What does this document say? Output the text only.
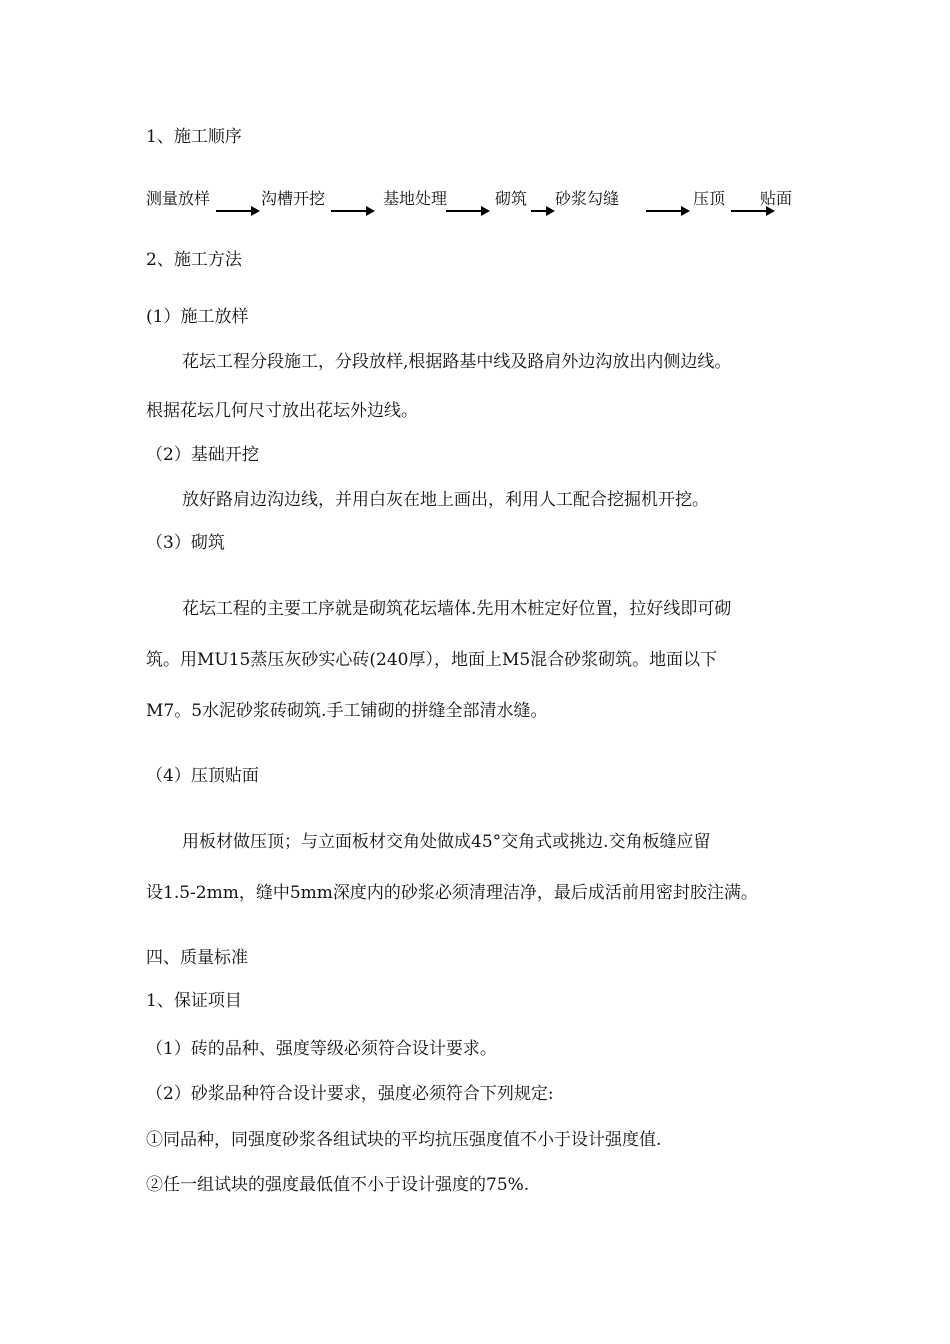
1、施工顺序
测量放样	沟槽开挖	基地处理	砌筑 砂浆勾缝	压顶 贴面
2、施工方法
(1）施工放样
花坛工程分段施工，分段放样,根据路基中线及路肩外边沟放出内侧边线。
根据花坛几何尺寸放出花坛外边线。
（2）基础开挖
放好路肩边沟边线，并用白灰在地上画出，利用人工配合挖掘机开挖。
（3）砌筑
花坛工程的主要工序就是砌筑花坛墙体.先用木桩定好位置，拉好线即可砌
筑。用MU15蒸压灰砂实心砖(240厚），地面上M5混合砂浆砌筑。地面以下
M7。5水泥砂浆砖砌筑.手工铺砌的拼缝全部清水缝。
（4）压顶贴面
用板材做压顶；与立面板材交角处做成45°交角式或挑边.交角板缝应留
设1.5-2mm，缝中5mm深度内的砂浆必须清理洁净，最后成活前用密封胶注满。
四、质量标准
1、保证项目
（1）砖的品种、强度等级必须符合设计要求。
（2）砂浆品种符合设计要求，强度必须符合下列规定:
①同品种，同强度砂浆各组试块的平均抗压强度值不小于设计强度值.
②任一组试块的强度最低值不小于设计强度的75%.
